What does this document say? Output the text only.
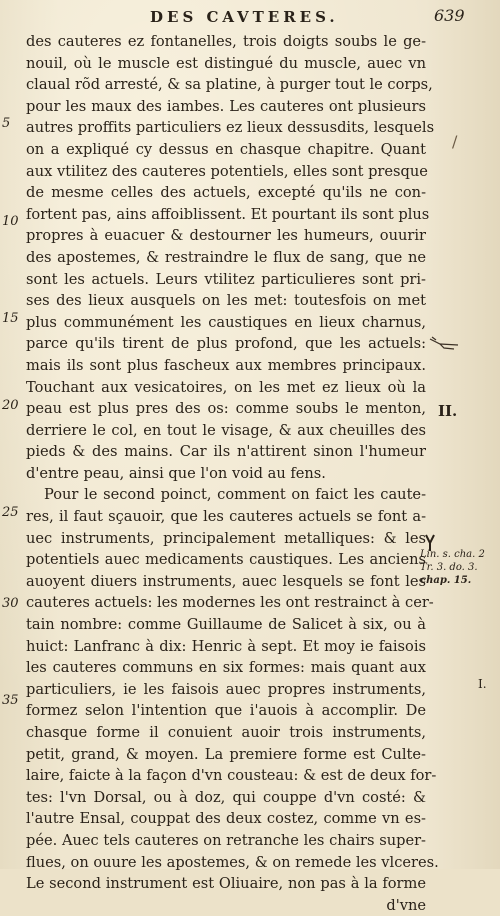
DES CAVTERES.	639
des cauteres ez fontanelles, trois doigts soubs le ge-
nouil, où le muscle est distingué du muscle, auec vn
claual rõd arresté, & sa platine, à purger tout le corps,
pour les maux des iambes. Les cauteres ont plusieurs
autres proffits particuliers ez lieux dessusdits, lesquels
on a expliqué cy dessus en chasque chapitre. Quant
aux vtilitez des cauteres potentiels, elles sont presque
de mesme celles des actuels, excepté qu'ils ne con-
fortent pas, ains affoiblissent. Et pourtant ils sont plus
propres à euacuer & destourner les humeurs, ouurir
des apostemes, & restraindre le flux de sang, que ne
sont les actuels. Leurs vtilitez particulieres sont pri-
ses des lieux ausquels on les met: toutesfois on met
plus communément les caustiques en lieux charnus,
parce qu'ils tirent de plus profond, que les actuels:
mais ils sont plus fascheux aux membres principaux.
Touchant aux vesicatoires, on les met ez lieux où la
peau est plus pres des os: comme soubs le menton,
derriere le col, en tout le visage, & aux cheuilles des
pieds & des mains. Car ils n'attirent sinon l'humeur
d'entre peau, ainsi que l'on void au fens.
Pour le second poinct, comment on faict les caute-
res, il faut sçauoir, que les cauteres actuels se font a-
uec instruments, principalement metalliques: & les
potentiels auec medicaments caustiques. Les anciens
auoyent diuers instruments, auec lesquels se font les
cauteres actuels: les modernes les ont restrainct à cer-
tain nombre: comme Guillaume de Salicet à six, ou à
huict: Lanfranc à dix: Henric à sept. Et moy ie faisois
les cauteres communs en six formes: mais quant aux
particuliers, ie les faisois auec propres instruments,
formez selon l'intention que i'auois à accomplir. De
chasque forme il conuient auoir trois instruments,
petit, grand, & moyen. La premiere forme est Culte-
laire, faicte à la façon d'vn cousteau: & est de deux for-
tes: l'vn Dorsal, ou à doz, qui couppe d'vn costé: &
l'autre Ensal, couppat des deux costez, comme vn es-
pée. Auec tels cauteres on retranche les chairs super-
flues, on ouure les apostemes, & on remede les vlceres.
Le second instrument est Oliuaire, non pas à la forme
d'vne
5
10
15
20
25
30
35
II.
I.
/
Lin. s. cha. 2
Tr. 3. do. 3.
chap. 15.
